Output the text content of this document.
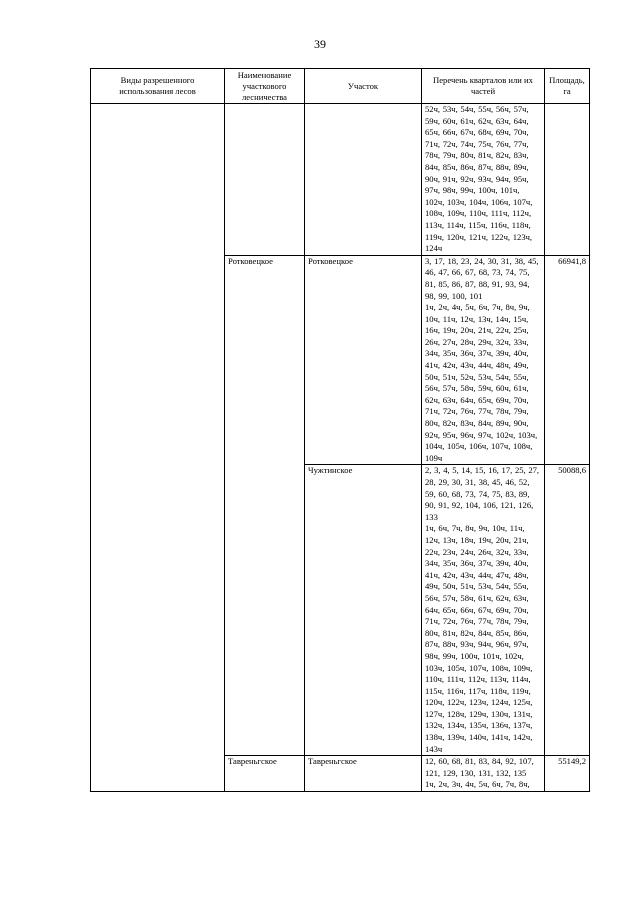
39
Виды разрешенного использования лесов	Наименование участкового лесничества	Участок	Перечень кварталов или их частей	Площадь, га
			52ч, 53ч, 54ч, 55ч, 56ч, 57ч, 59ч, 60ч, 61ч, 62ч, 63ч, 64ч, 65ч, 66ч, 67ч, 68ч, 69ч, 70ч, 71ч, 72ч, 74ч, 75ч, 76ч, 77ч, 78ч, 79ч, 80ч, 81ч, 82ч, 83ч, 84ч, 85ч, 86ч, 87ч, 88ч, 89ч, 90ч, 91ч, 92ч, 93ч, 94ч, 95ч, 97ч, 98ч, 99ч, 100ч, 101ч, 102ч, 103ч, 104ч, 106ч, 107ч, 108ч, 109ч, 110ч, 111ч, 112ч, 113ч, 114ч, 115ч, 116ч, 118ч, 119ч, 120ч, 121ч, 122ч, 123ч, 124ч	
	Ротковецкое	Ротковецкое	3, 17, 18, 23, 24, 30, 31, 38, 45, 46, 47, 66, 67, 68, 73, 74, 75, 81, 85, 86, 87, 88, 91, 93, 94, 98, 99, 100, 101
1ч, 2ч, 4ч, 5ч, 6ч, 7ч, 8ч, 9ч, 10ч, 11ч, 12ч, 13ч, 14ч, 15ч, 16ч, 19ч, 20ч, 21ч, 22ч, 25ч, 26ч, 27ч, 28ч, 29ч, 32ч, 33ч, 34ч, 35ч, 36ч, 37ч, 39ч, 40ч, 41ч, 42ч, 43ч, 44ч, 48ч, 49ч, 50ч, 51ч, 52ч, 53ч, 54ч, 55ч, 56ч, 57ч, 58ч, 59ч, 60ч, 61ч, 62ч, 63ч, 64ч, 65ч, 69ч, 70ч, 71ч, 72ч, 76ч, 77ч, 78ч, 79ч, 80ч, 82ч, 83ч, 84ч, 89ч, 90ч, 92ч, 95ч, 96ч, 97ч, 102ч, 103ч, 104ч, 105ч, 106ч, 107ч, 108ч, 109ч	66941,8
		Чужтинское	2, 3, 4, 5, 14, 15, 16, 17, 25, 27, 28, 29, 30, 31, 38, 45, 46, 52, 59, 60, 68, 73, 74, 75, 83, 89, 90, 91, 92, 104, 106, 121, 126, 133
1ч, 6ч, 7ч, 8ч, 9ч, 10ч, 11ч, 12ч, 13ч, 18ч, 19ч, 20ч, 21ч, 22ч, 23ч, 24ч, 26ч, 32ч, 33ч, 34ч, 35ч, 36ч, 37ч, 39ч, 40ч, 41ч, 42ч, 43ч, 44ч, 47ч, 48ч, 49ч, 50ч, 51ч, 53ч, 54ч, 55ч, 56ч, 57ч, 58ч, 61ч, 62ч, 63ч, 64ч, 65ч, 66ч, 67ч, 69ч, 70ч, 71ч, 72ч, 76ч, 77ч, 78ч, 79ч, 80ч, 81ч, 82ч, 84ч, 85ч, 86ч, 87ч, 88ч, 93ч, 94ч, 96ч, 97ч, 98ч, 99ч, 100ч, 101ч, 102ч, 103ч, 105ч, 107ч, 108ч, 109ч, 110ч, 111ч, 112ч, 113ч, 114ч, 115ч, 116ч, 117ч, 118ч, 119ч, 120ч, 122ч, 123ч, 124ч, 125ч, 127ч, 128ч, 129ч, 130ч, 131ч, 132ч, 134ч, 135ч, 136ч, 137ч, 138ч, 139ч, 140ч, 141ч, 142ч, 143ч	50088,6
	Тавреньгское	Тавреньгское	12, 60, 68, 81, 83, 84, 92, 107, 121, 129, 130, 131, 132, 135
1ч, 2ч, 3ч, 4ч, 5ч, 6ч, 7ч, 8ч,	55149,2
